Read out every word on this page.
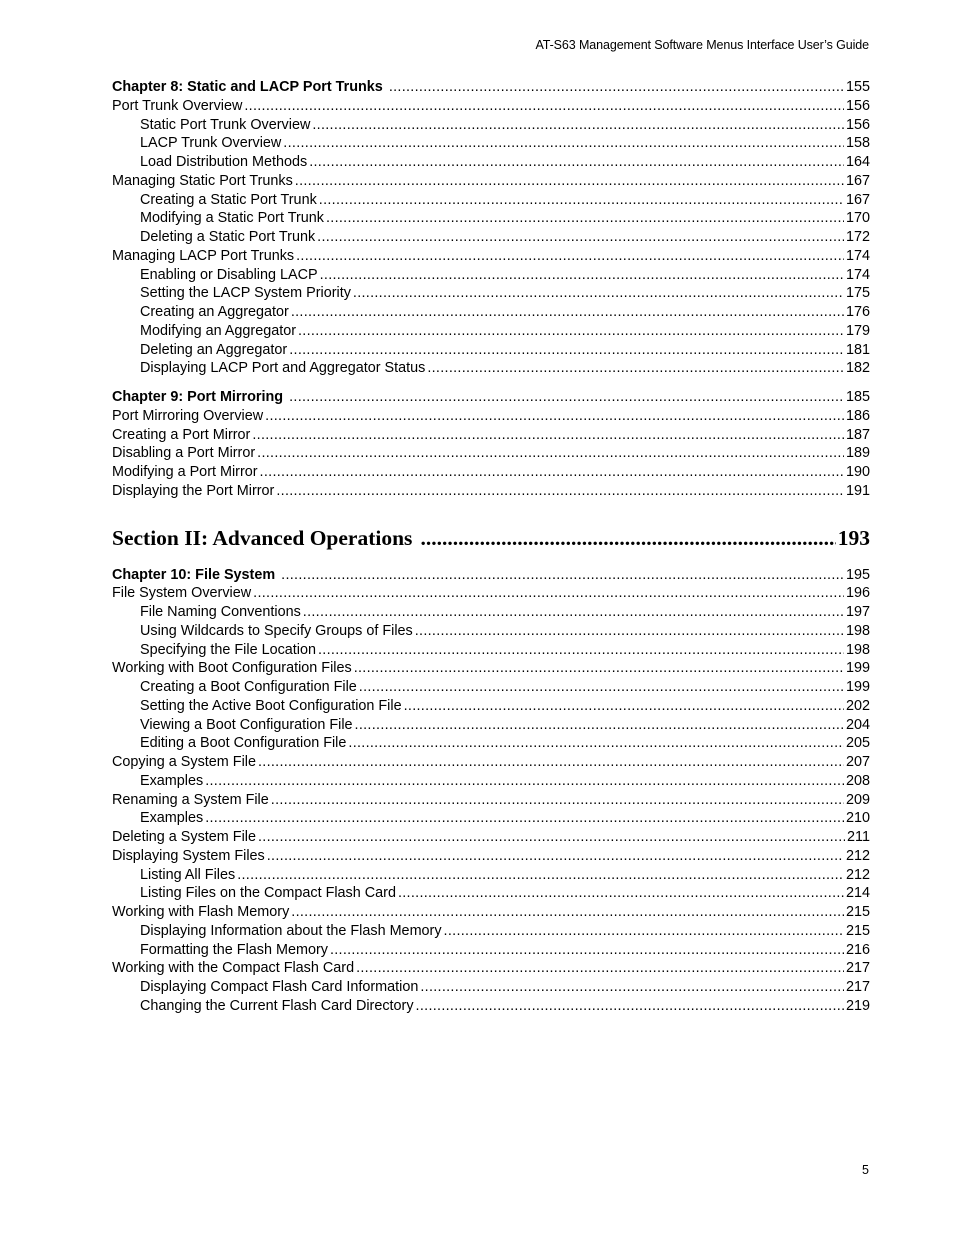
AT-S63 Management Software Menus Interface User’s Guide
Chapter 8: Static and LACP Port Trunks .....	155
Port Trunk Overview .....	156
Static Port Trunk Overview .....	156
LACP Trunk Overview .....	158
Load Distribution Methods .....	164
Managing Static Port Trunks .....	167
Creating a Static Port Trunk .....	167
Modifying a Static Port Trunk .....	170
Deleting a Static Port Trunk .....	172
Managing LACP Port Trunks .....	174
Enabling or Disabling LACP .....	174
Setting the LACP System Priority .....	175
Creating an Aggregator .....	176
Modifying an Aggregator .....	179
Deleting an Aggregator .....	181
Displaying LACP Port and Aggregator Status .....	182
Chapter 9: Port Mirroring .....	185
Port Mirroring Overview .....	186
Creating a Port Mirror .....	187
Disabling a Port Mirror .....	189
Modifying a Port Mirror .....	190
Displaying the Port Mirror .....	191
Section II: Advanced Operations .....	193
Chapter 10: File System .....	195
File System Overview .....	196
File Naming Conventions .....	197
Using Wildcards to Specify Groups of Files .....	198
Specifying the File Location .....	198
Working with Boot Configuration Files .....	199
Creating a Boot Configuration File .....	199
Setting the Active Boot Configuration File .....	202
Viewing a Boot Configuration File .....	204
Editing a Boot Configuration File .....	205
Copying a System File .....	207
Examples .....	208
Renaming a System File .....	209
Examples .....	210
Deleting a System File .....	211
Displaying System Files .....	212
Listing All Files .....	212
Listing Files on the Compact Flash Card .....	214
Working with Flash Memory .....	215
Displaying Information about the Flash Memory .....	215
Formatting the Flash Memory .....	216
Working with the Compact Flash Card .....	217
Displaying Compact Flash Card Information .....	217
Changing the Current Flash Card Directory .....	219
5
